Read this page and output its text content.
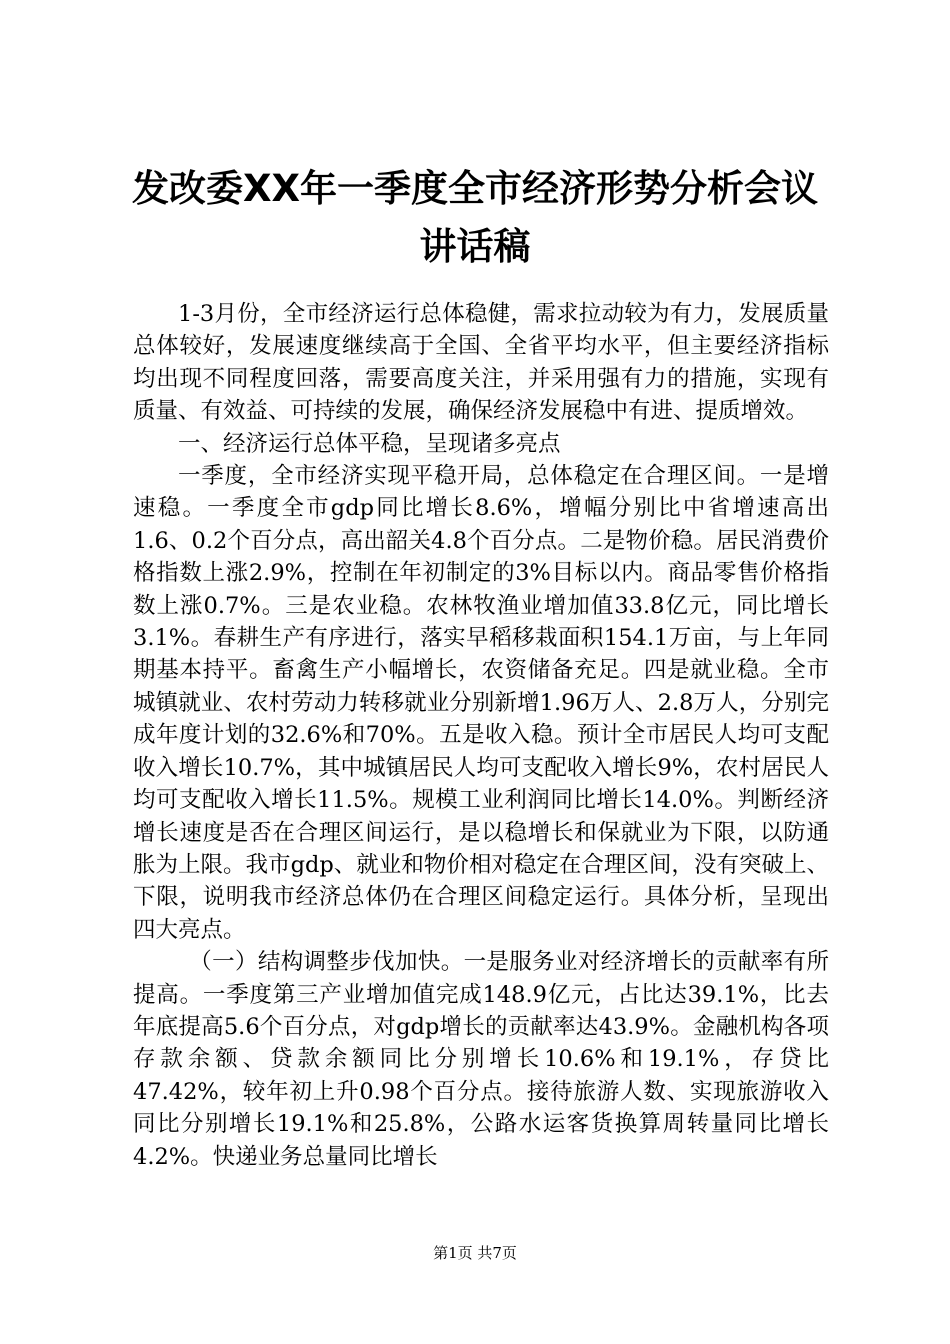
发改委XX年一季度全市经济形势分析会议讲话稿

1-3月份，全市经济运行总体稳健，需求拉动较为有力，发展质量总体较好，发展速度继续高于全国、全省平均水平，但主要经济指标均出现不同程度回落，需要高度关注，并采用强有力的措施，实现有质量、有效益、可持续的发展，确保经济发展稳中有进、提质增效。

一、经济运行总体平稳，呈现诸多亮点

一季度，全市经济实现平稳开局，总体稳定在合理区间。一是增速稳。一季度全市gdp同比增长8.6%，增幅分别比中省增速高出1.6、0.2个百分点，高出韶关4.8个百分点。二是物价稳。居民消费价格指数上涨2.9%，控制在年初制定的3%目标以内。商品零售价格指数上涨0.7%。三是农业稳。农林牧渔业增加值33.8亿元，同比增长3.1%。春耕生产有序进行，落实早稻移栽面积154.1万亩，与上年同期基本持平。畜禽生产小幅增长，农资储备充足。四是就业稳。全市城镇就业、农村劳动力转移就业分别新增1.96万人、2.8万人，分别完成年度计划的32.6%和70%。五是收入稳。预计全市居民人均可支配收入增长10.7%，其中城镇居民人均可支配收入增长9%，农村居民人均可支配收入增长11.5%。规模工业利润同比增长14.0%。判断经济增长速度是否在合理区间运行，是以稳增长和保就业为下限，以防通胀为上限。我市gdp、就业和物价相对稳定在合理区间，没有突破上、下限，说明我市经济总体仍在合理区间稳定运行。具体分析，呈现出四大亮点。

（一）结构调整步伐加快。一是服务业对经济增长的贡献率有所提高。一季度第三产业增加值完成148.9亿元，占比达39.1%，比去年底提高5.6个百分点，对gdp增长的贡献率达43.9%。金融机构各项存款余额、贷款余额同比分别增长10.6%和19.1%，存贷比47.42%，较年初上升0.98个百分点。接待旅游人数、实现旅游收入同比分别增长19.1%和25.8%，公路水运客货换算周转量同比增长4.2%。快递业务总量同比增长

第1页 共7页
